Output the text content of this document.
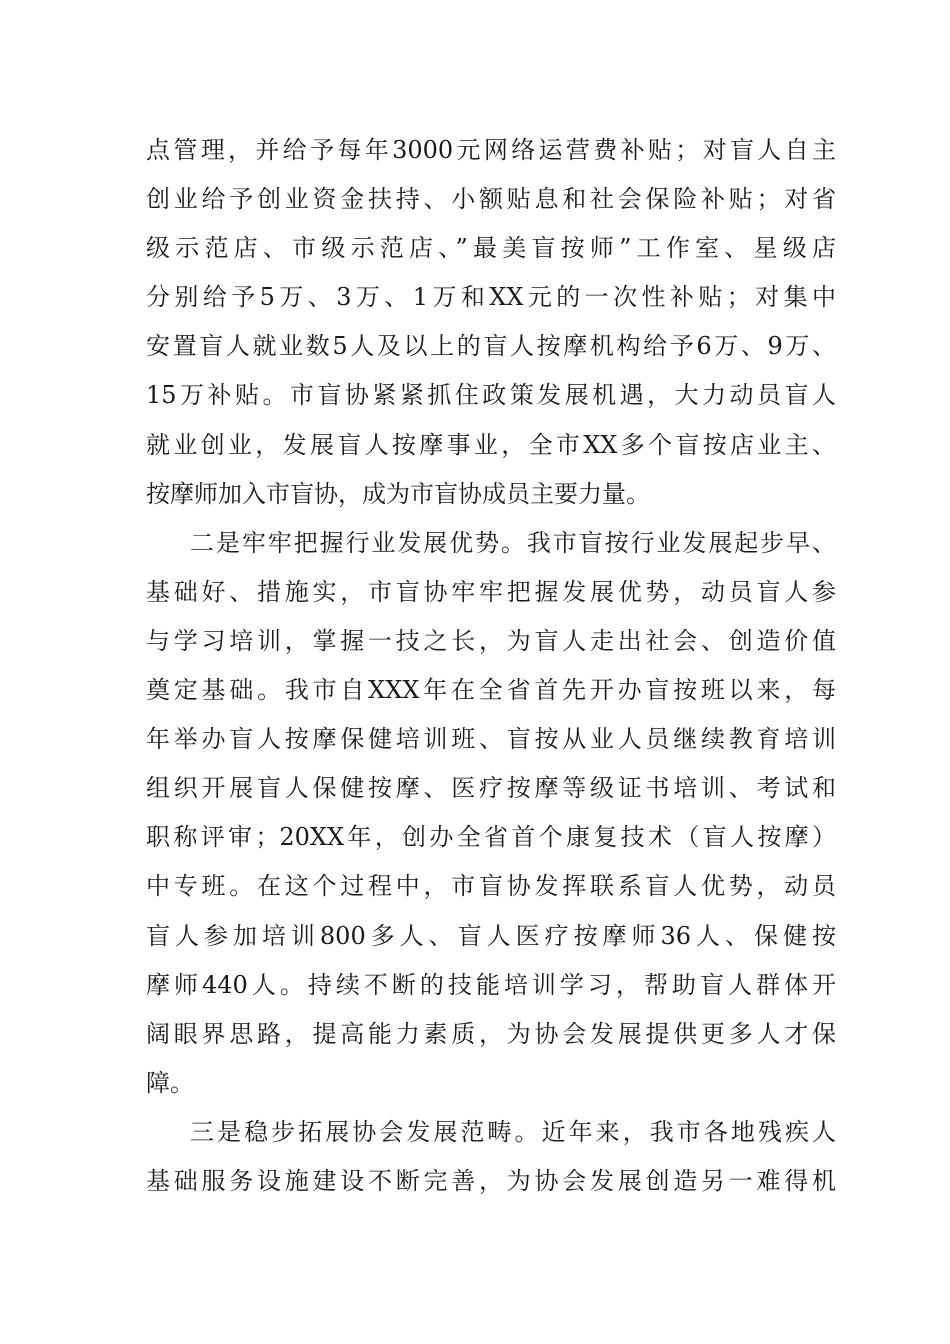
点管理，并给予每年3000元网络运营费补贴；对盲人自主
创业给予创业资金扶持、小额贴息和社会保险补贴；对省
级示范店、市级示范店、”最美盲按师”工作室、星级店
分别给予5万、3万、1万和XX元的一次性补贴；对集中
安置盲人就业数5人及以上的盲人按摩机构给予6万、9万、
15万补贴。市盲协紧紧抓住政策发展机遇，大力动员盲人
就业创业，发展盲人按摩事业，全市XX多个盲按店业主、
按摩师加入市盲协，成为市盲协成员主要力量。
二是牢牢把握行业发展优势。我市盲按行业发展起步早、
基础好、措施实，市盲协牢牢把握发展优势，动员盲人参
与学习培训，掌握一技之长，为盲人走出社会、创造价值
奠定基础。我市自XXX年在全省首先开办盲按班以来，每
年举办盲人按摩保健培训班、盲按从业人员继续教育培训
组织开展盲人保健按摩、医疗按摩等级证书培训、考试和
职称评审；20XX年，创办全省首个康复技术（盲人按摩）
中专班。在这个过程中，市盲协发挥联系盲人优势，动员
盲人参加培训800多人、盲人医疗按摩师36人、保健按
摩师440人。持续不断的技能培训学习，帮助盲人群体开
阔眼界思路，提高能力素质，为协会发展提供更多人才保
障。
三是稳步拓展协会发展范畴。近年来，我市各地残疾人
基础服务设施建设不断完善，为协会发展创造另一难得机
